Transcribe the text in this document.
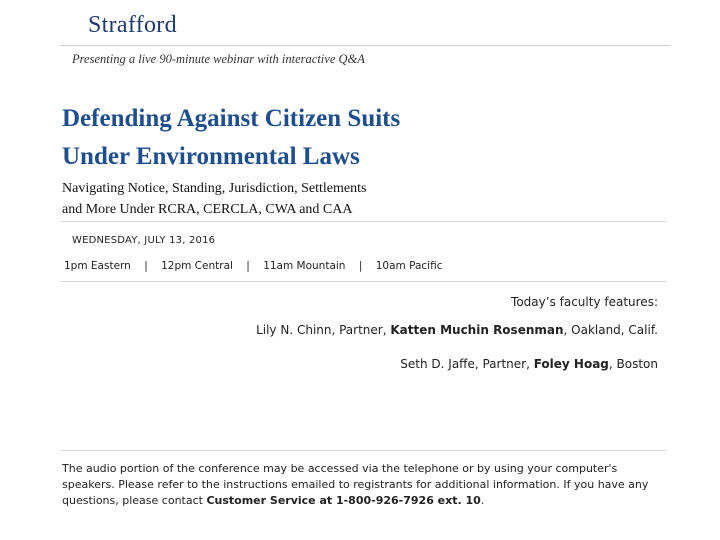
Strafford
Presenting a live 90-minute webinar with interactive Q&A
Defending Against Citizen Suits
Under Environmental Laws

Navigating Notice, Standing, Jurisdiction, Settlements
and More Under RCRA, CERCLA, CWA and CAA

WEDNESDAY, JULY 13, 2016
1pm Eastern | 12pm Central | 11am Mountain | 10am Pacific
Today’s faculty features:
Lily N. Chinn, Partner, Katten Muchin Rosenman, Oakland, Calif.
Seth D. Jaffe, Partner, Foley Hoag, Boston

The audio portion of the conference may be accessed via the telephone or by using your computer's speakers. Please refer to the instructions emailed to registrants for additional information. If you have any questions, please contact Customer Service at 1-800-926-7926 ext. 10.
